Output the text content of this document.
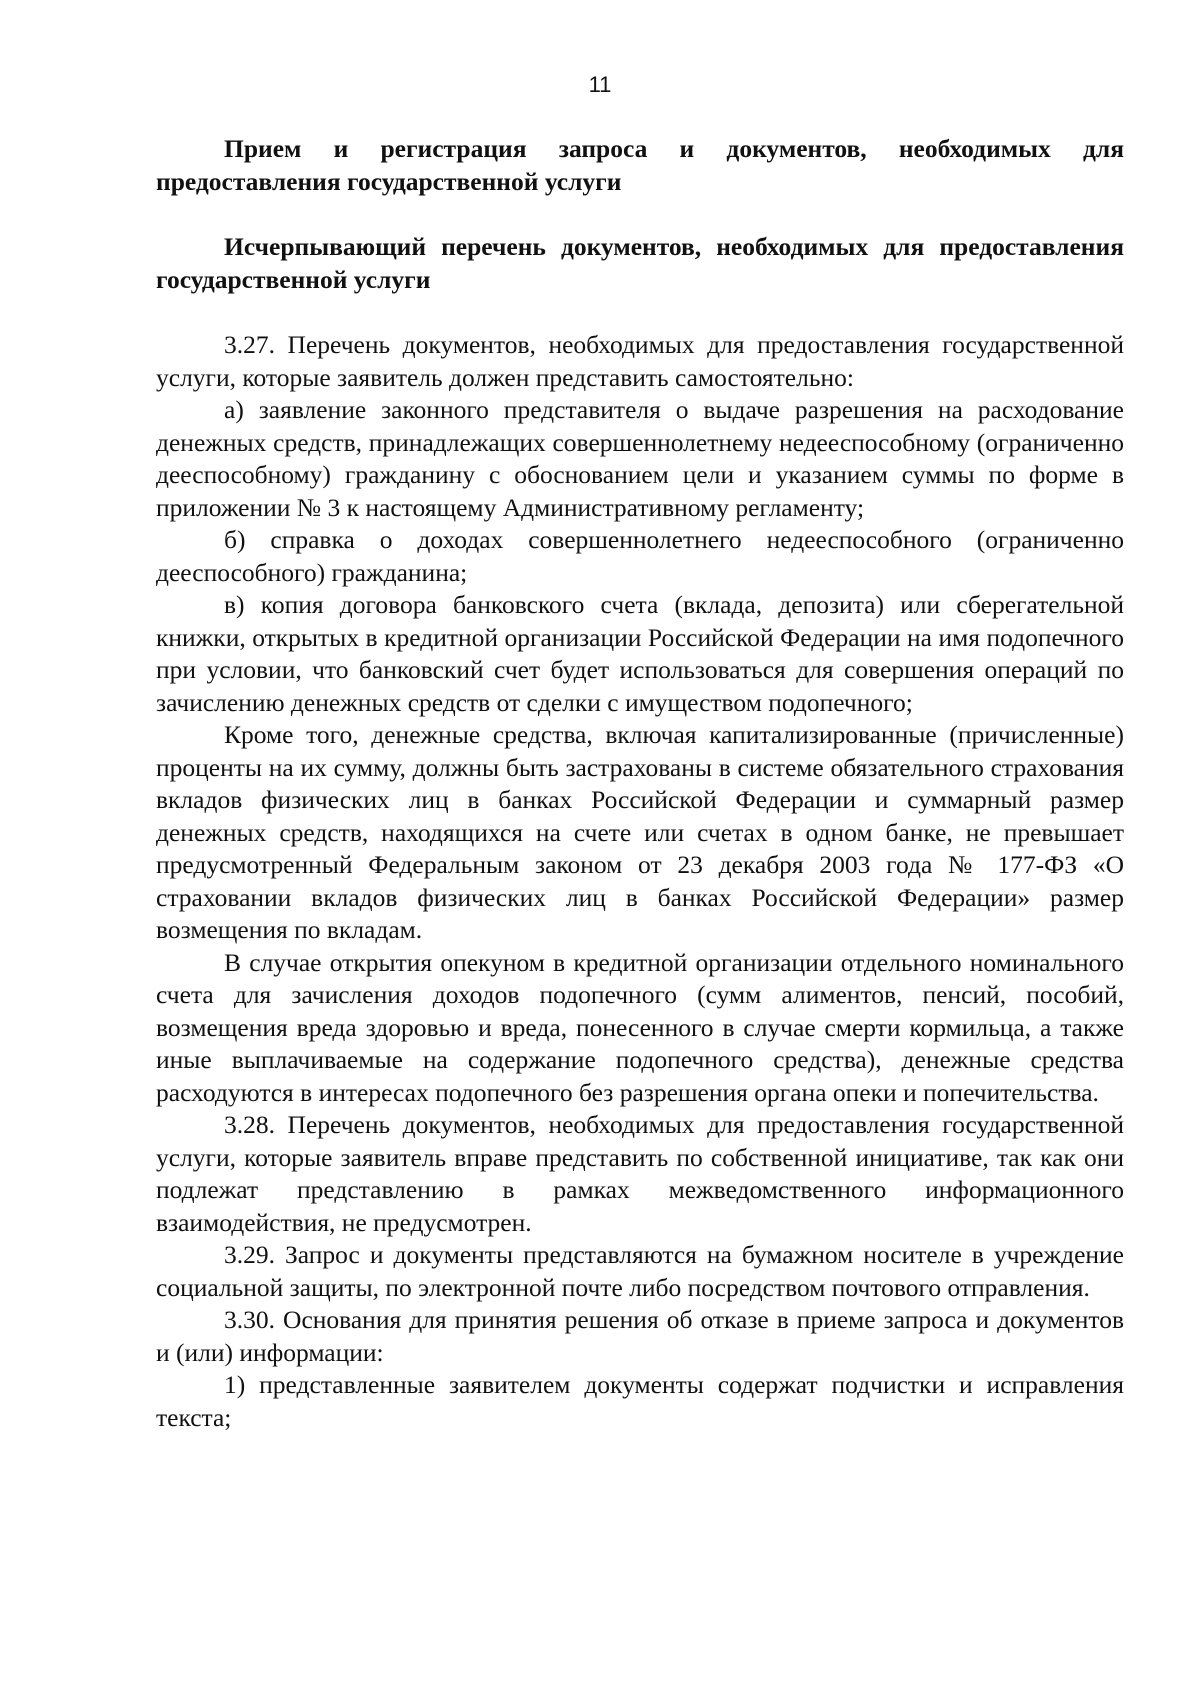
11

Прием и регистрация запроса и документов, необходимых для предоставления государственной услуги

Исчерпывающий перечень документов, необходимых для предоставления государственной услуги

3.27. Перечень документов, необходимых для предоставления государственной услуги, которые заявитель должен представить самостоятельно:

а) заявление законного представителя о выдаче разрешения на расходование денежных средств, принадлежащих совершеннолетнему недееспособному (ограниченно дееспособному) гражданину с обоснованием цели и указанием суммы по форме в приложении № 3 к настоящему Административному регламенту;

б) справка о доходах совершеннолетнего недееспособного (ограниченно дееспособного) гражданина;

в) копия договора банковского счета (вклада, депозита) или сберегательной книжки, открытых в кредитной организации Российской Федерации на имя подопечного при условии, что банковский счет будет использоваться для совершения операций по зачислению денежных средств от сделки с имуществом подопечного;

Кроме того, денежные средства, включая капитализированные (причисленные) проценты на их сумму, должны быть застрахованы в системе обязательного страхования вкладов физических лиц в банках Российской Федерации и суммарный размер денежных средств, находящихся на счете или счетах в одном банке, не превышает предусмотренный Федеральным законом от 23 декабря 2003 года № 177-ФЗ «О страховании вкладов физических лиц в банках Российской Федерации» размер возмещения по вкладам.

В случае открытия опекуном в кредитной организации отдельного номинального счета для зачисления доходов подопечного (сумм алиментов, пенсий, пособий, возмещения вреда здоровью и вреда, понесенного в случае смерти кормильца, а также иные выплачиваемые на содержание подопечного средства), денежные средства расходуются в интересах подопечного без разрешения органа опеки и попечительства.

3.28. Перечень документов, необходимых для предоставления государственной услуги, которые заявитель вправе представить по собственной инициативе, так как они подлежат представлению в рамках межведомственного информационного взаимодействия, не предусмотрен.

3.29. Запрос и документы представляются на бумажном носителе в учреждение социальной защиты, по электронной почте либо посредством почтового отправления.

3.30. Основания для принятия решения об отказе в приеме запроса и документов и (или) информации:

1) представленные заявителем документы содержат подчистки и исправления текста;
